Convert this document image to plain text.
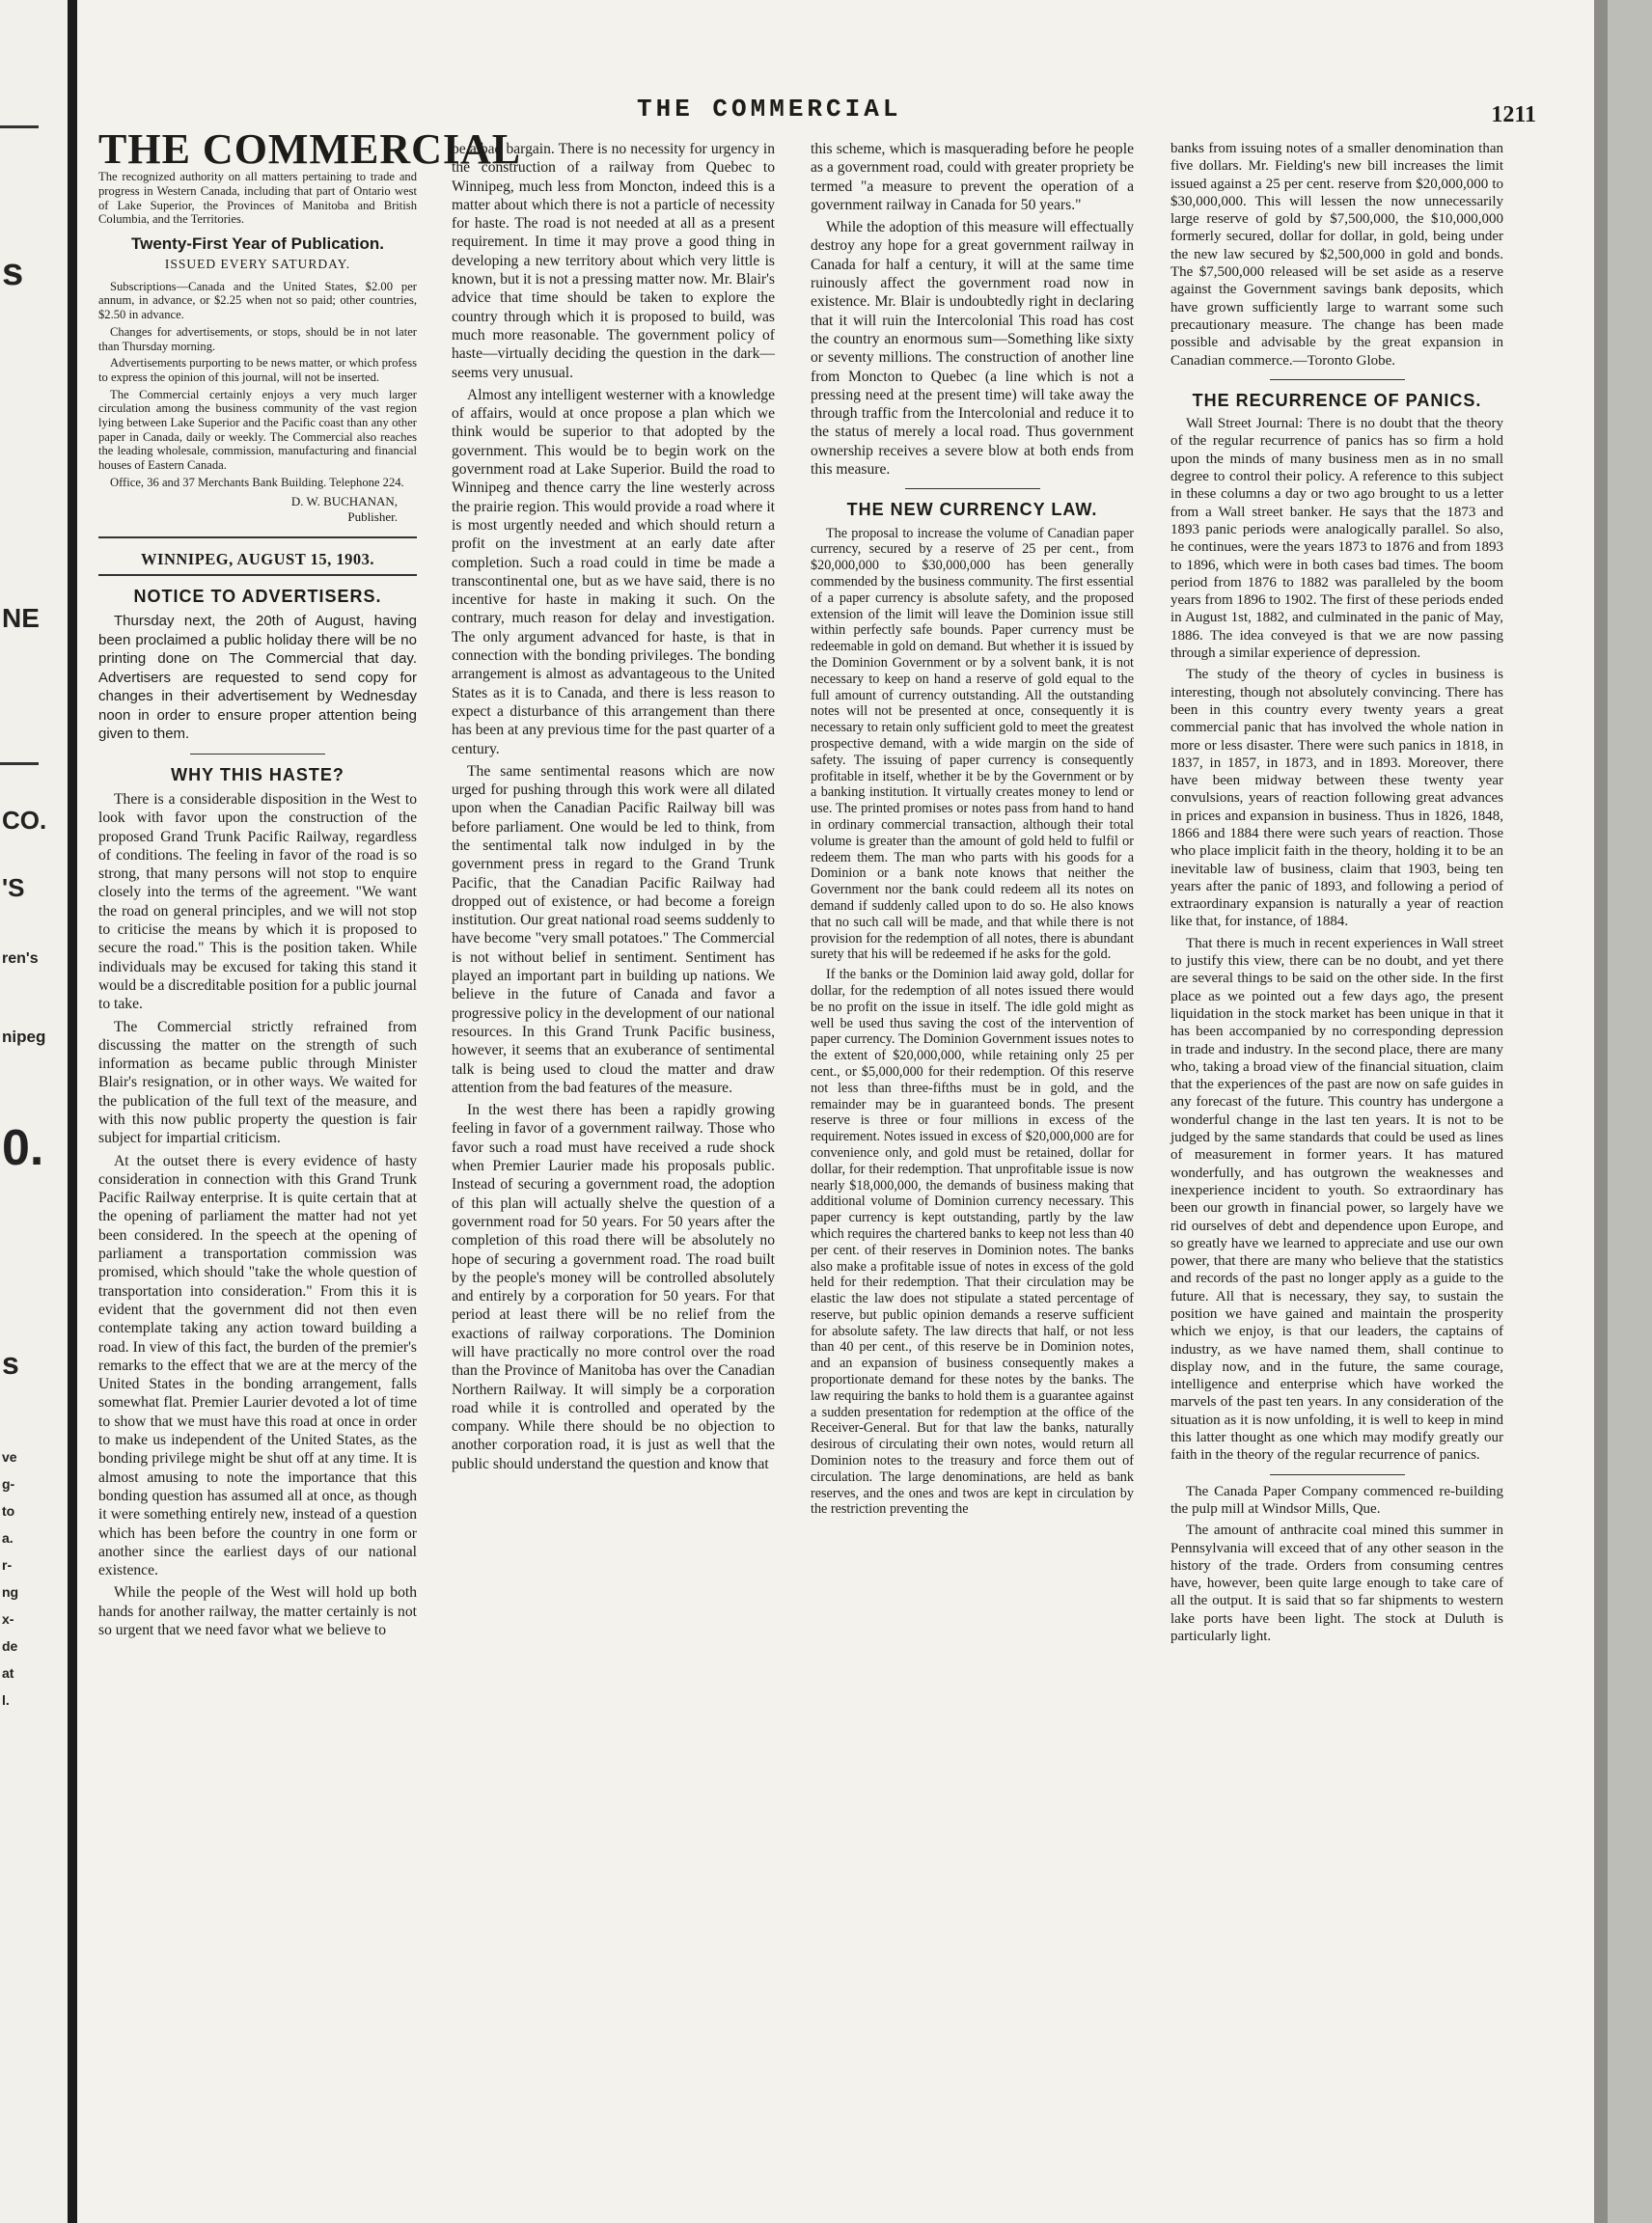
s
NE
CO.
'S
ren's
nipeg
0.
s
ve
g-
to
a.
r-
ng
x-
de
at
l.
THE COMMERCIAL	1211
THE COMMERCIAL
The recognized authority on all matters pertaining to trade and progress in Western Canada, including that part of Ontario west of Lake Superior, the Provinces of Manitoba and British Columbia, and the Territories.
Twenty-First Year of Publication.
ISSUED EVERY SATURDAY.
Subscriptions—Canada and the United States, $2.00 per annum, in advance, or $2.25 when not so paid; other countries, $2.50 in advance.
Changes for advertisements, or stops, should be in not later than Thursday morning.
Advertisements purporting to be news matter, or which profess to express the opinion of this journal, will not be inserted.
The Commercial certainly enjoys a very much larger circulation among the business community of the vast region lying between Lake Superior and the Pacific coast than any other paper in Canada, daily or weekly. The Commercial also reaches the leading wholesale, commission, manufacturing and financial houses of Eastern Canada.
Office, 36 and 37 Merchants Bank Building. Telephone 224.
D. W. BUCHANAN,
Publisher.
WINNIPEG, AUGUST 15, 1903.
NOTICE TO ADVERTISERS.

Thursday next, the 20th of August, having been proclaimed a public holiday there will be no printing done on The Commercial that day. Advertisers are requested to send copy for changes in their advertisement by Wednesday noon in order to ensure proper attention being given to them.

WHY THIS HASTE?

There is a considerable disposition in the West to look with favor upon the construction of the proposed Grand Trunk Pacific Railway, regardless of conditions. The feeling in favor of the road is so strong, that many persons will not stop to enquire closely into the terms of the agreement. "We want the road on general principles, and we will not stop to criticise the means by which it is proposed to secure the road." This is the position taken. While individuals may be excused for taking this stand it would be a discreditable position for a public journal to take.

The Commercial strictly refrained from discussing the matter on the strength of such information as became public through Minister Blair's resignation, or in other ways. We waited for the publication of the full text of the measure, and with this now public property the question is fair subject for impartial criticism.

At the outset there is every evidence of hasty consideration in connection with this Grand Trunk Pacific Railway enterprise. It is quite certain that at the opening of parliament the matter had not yet been considered. In the speech at the opening of parliament a transportation commission was promised, which should "take the whole question of transportation into consideration." From this it is evident that the government did not then even contemplate taking any action toward building a road. In view of this fact, the burden of the premier's remarks to the effect that we are at the mercy of the United States in the bonding arrangement, falls somewhat flat. Premier Laurier devoted a lot of time to show that we must have this road at once in order to make us independent of the United States, as the bonding privilege might be shut off at any time. It is almost amusing to note the importance that this bonding question has assumed all at once, as though it were something entirely new, instead of a question which has been before the country in one form or another since the earliest days of our national existence.

While the people of the West will hold up both hands for another railway, the matter certainly is not so urgent that we need favor what we believe to

be a bad bargain. There is no necessity for urgency in the construction of a railway from Quebec to Winnipeg, much less from Moncton, indeed this is a matter about which there is not a particle of necessity for haste. The road is not needed at all as a present requirement. In time it may prove a good thing in developing a new territory about which very little is known, but it is not a pressing matter now. Mr. Blair's advice that time should be taken to explore the country through which it is proposed to build, was much more reasonable. The government policy of haste—virtually deciding the question in the dark—seems very unusual.

Almost any intelligent westerner with a knowledge of affairs, would at once propose a plan which we think would be superior to that adopted by the government. This would be to begin work on the government road at Lake Superior. Build the road to Winnipeg and thence carry the line westerly across the prairie region. This would provide a road where it is most urgently needed and which should return a profit on the investment at an early date after completion. Such a road could in time be made a transcontinental one, but as we have said, there is no incentive for haste in making it such. On the contrary, much reason for delay and investigation. The only argument advanced for haste, is that in connection with the bonding privileges. The bonding arrangement is almost as advantageous to the United States as it is to Canada, and there is less reason to expect a disturbance of this arrangement than there has been at any previous time for the past quarter of a century.

The same sentimental reasons which are now urged for pushing through this work were all dilated upon when the Canadian Pacific Railway bill was before parliament. One would be led to think, from the sentimental talk now indulged in by the government press in regard to the Grand Trunk Pacific, that the Canadian Pacific Railway had dropped out of existence, or had become a foreign institution. Our great national road seems suddenly to have become "very small potatoes." The Commercial is not without belief in sentiment. Sentiment has played an important part in building up nations. We believe in the future of Canada and favor a progressive policy in the development of our national resources. In this Grand Trunk Pacific business, however, it seems that an exuberance of sentimental talk is being used to cloud the matter and draw attention from the bad features of the measure.

In the west there has been a rapidly growing feeling in favor of a government railway. Those who favor such a road must have received a rude shock when Premier Laurier made his proposals public. Instead of securing a government road, the adoption of this plan will actually shelve the question of a government road for 50 years. For 50 years after the completion of this road there will be absolutely no hope of securing a government road. The road built by the people's money will be controlled absolutely and entirely by a corporation for 50 years. For that period at least there will be no relief from the exactions of railway corporations. The Dominion will have practically no more control over the road than the Province of Manitoba has over the Canadian Northern Railway. It will simply be a corporation road while it is controlled and operated by the company. While there should be no objection to another corporation road, it is just as well that the public should understand the question and know that

this scheme, which is masquerading before he people as a government road, could with greater propriety be termed "a measure to prevent the operation of a government railway in Canada for 50 years."

While the adoption of this measure will effectually destroy any hope for a great government railway in Canada for half a century, it will at the same time ruinously affect the government road now in existence. Mr. Blair is undoubtedly right in declaring that it will ruin the Intercolonial This road has cost the country an enormous sum—Something like sixty or seventy millions. The construction of another line from Moncton to Quebec (a line which is not a pressing need at the present time) will take away the through traffic from the Intercolonial and reduce it to the status of merely a local road. Thus government ownership receives a severe blow at both ends from this measure.

THE NEW CURRENCY LAW.

The proposal to increase the volume of Canadian paper currency, secured by a reserve of 25 per cent., from $20,000,000 to $30,000,000 has been generally commended by the business community. The first essential of a paper currency is absolute safety, and the proposed extension of the limit will leave the Dominion issue still within perfectly safe bounds. Paper currency must be redeemable in gold on demand. But whether it is issued by the Dominion Government or by a solvent bank, it is not necessary to keep on hand a reserve of gold equal to the full amount of currency outstanding. All the outstanding notes will not be presented at once, consequently it is necessary to retain only sufficient gold to meet the greatest prospective demand, with a wide margin on the side of safety. The issuing of paper currency is consequently profitable in itself, whether it be by the Government or by a banking institution. It virtually creates money to lend or use. The printed promises or notes pass from hand to hand in ordinary commercial transaction, although their total volume is greater than the amount of gold held to fulfil or redeem them. The man who parts with his goods for a Dominion or a bank note knows that neither the Government nor the bank could redeem all its notes on demand if suddenly called upon to do so. He also knows that no such call will be made, and that while there is not provision for the redemption of all notes, there is abundant surety that his will be redeemed if he asks for the gold.

If the banks or the Dominion laid away gold, dollar for dollar, for the redemption of all notes issued there would be no profit on the issue in itself. The idle gold might as well be used thus saving the cost of the intervention of paper currency. The Dominion Government issues notes to the extent of $20,000,000, while retaining only 25 per cent., or $5,000,000 for their redemption. Of this reserve not less than three-fifths must be in gold, and the remainder may be in guaranteed bonds. The present reserve is three or four millions in excess of the requirement. Notes issued in excess of $20,000,000 are for convenience only, and gold must be retained, dollar for dollar, for their redemption. That unprofitable issue is now nearly $18,000,000, the demands of business making that additional volume of Dominion currency necessary. This paper currency is kept outstanding, partly by the law which requires the chartered banks to keep not less than 40 per cent. of their reserves in Dominion notes. The banks also make a profitable issue of notes in excess of the gold held for their redemption. That their circulation may be elastic the law does not stipulate a stated percentage of reserve, but public opinion demands a reserve sufficient for absolute safety. The law directs that half, or not less than 40 per cent., of this reserve be in Dominion notes, and an expansion of business consequently makes a proportionate demand for these notes by the banks. The law requiring the banks to hold them is a guarantee against a sudden presentation for redemption at the office of the Receiver-General. But for that law the banks, naturally desirous of circulating their own notes, would return all Dominion notes to the treasury and force them out of circulation. The large denominations, are held as bank reserves, and the ones and twos are kept in circulation by the restriction preventing the

banks from issuing notes of a smaller denomination than five dollars. Mr. Fielding's new bill increases the limit issued against a 25 per cent. reserve from $20,000,000 to $30,000,000. This will lessen the now unnecessarily large reserve of gold by $7,500,000, the $10,000,000 formerly secured, dollar for dollar, in gold, being under the new law secured by $2,500,000 in gold and bonds. The $7,500,000 released will be set aside as a reserve against the Government savings bank deposits, which have grown sufficiently large to warrant some such precautionary measure. The change has been made possible and advisable by the great expansion in Canadian commerce.—Toronto Globe.

THE RECURRENCE OF PANICS.

Wall Street Journal: There is no doubt that the theory of the regular recurrence of panics has so firm a hold upon the minds of many business men as in no small degree to control their policy. A reference to this subject in these columns a day or two ago brought to us a letter from a Wall street banker. He says that the 1873 and 1893 panic periods were analogically parallel. So also, he continues, were the years 1873 to 1876 and from 1893 to 1896, which were in both cases bad times. The boom period from 1876 to 1882 was paralleled by the boom years from 1896 to 1902. The first of these periods ended in August 1st, 1882, and culminated in the panic of May, 1886. The idea conveyed is that we are now passing through a similar experience of depression.

The study of the theory of cycles in business is interesting, though not absolutely convincing. There has been in this country every twenty years a great commercial panic that has involved the whole nation in more or less disaster. There were such panics in 1818, in 1837, in 1857, in 1873, and in 1893. Moreover, there have been midway between these twenty year convulsions, years of reaction following great advances in prices and expansion in business. Thus in 1826, 1848, 1866 and 1884 there were such years of reaction. Those who place implicit faith in the theory, holding it to be an inevitable law of business, claim that 1903, being ten years after the panic of 1893, and following a period of extraordinary expansion is naturally a year of reaction like that, for instance, of 1884.

That there is much in recent experiences in Wall street to justify this view, there can be no doubt, and yet there are several things to be said on the other side. In the first place as we pointed out a few days ago, the present liquidation in the stock market has been unique in that it has been accompanied by no corresponding depression in trade and industry. In the second place, there are many who, taking a broad view of the financial situation, claim that the experiences of the past are now on safe guides in any forecast of the future. This country has undergone a wonderful change in the last ten years. It is not to be judged by the same standards that could be used as lines of measurement in former years. It has matured wonderfully, and has outgrown the weaknesses and inexperience incident to youth. So extraordinary has been our growth in financial power, so largely have we rid ourselves of debt and dependence upon Europe, and so greatly have we learned to appreciate and use our own power, that there are many who believe that the statistics and records of the past no longer apply as a guide to the future. All that is necessary, they say, to sustain the position we have gained and maintain the prosperity which we enjoy, is that our leaders, the captains of industry, as we have named them, shall continue to display now, and in the future, the same courage, intelligence and enterprise which have worked the marvels of the past ten years. In any consideration of the situation as it is now unfolding, it is well to keep in mind this latter thought as one which may modify greatly our faith in the theory of the regular recurrence of panics.

The Canada Paper Company commenced re-building the pulp mill at Windsor Mills, Que.

The amount of anthracite coal mined this summer in Pennsylvania will exceed that of any other season in the history of the trade. Orders from consuming centres have, however, been quite large enough to take care of all the output. It is said that so far shipments to western lake ports have been light. The stock at Duluth is particularly light.
